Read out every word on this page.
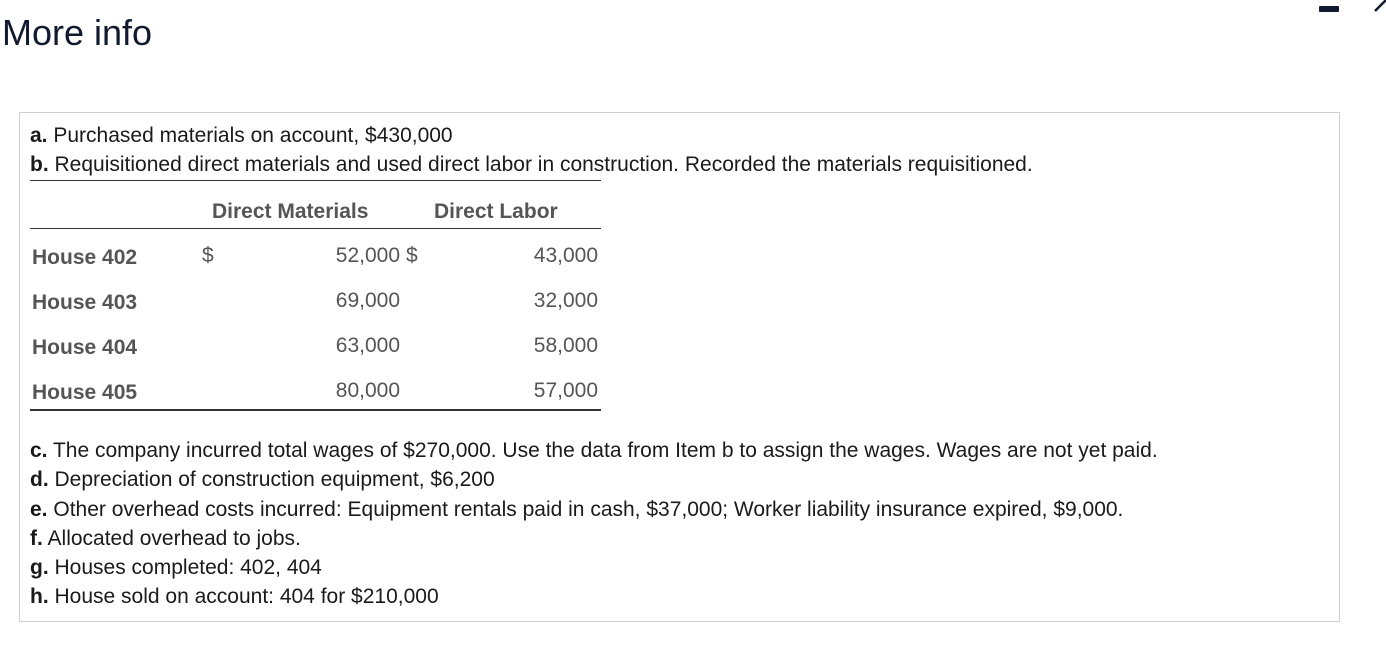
More info
a. Purchased materials on account, $430,000
b. Requisitioned direct materials and used direct labor in construction. Recorded the materials requisitioned.
Direct Materials	Direct Labor
House 402	$	52,000 $	43,000
House 403	69,000	32,000
House 404	63,000	58,000
House 405	80,000	57,000
c. The company incurred total wages of $270,000. Use the data from Item b to assign the wages. Wages are not yet paid.
d. Depreciation of construction equipment, $6,200
e. Other overhead costs incurred: Equipment rentals paid in cash, $37,000; Worker liability insurance expired, $9,000.
f. Allocated overhead to jobs.
g. Houses completed: 402, 404
h. House sold on account: 404 for $210,000
